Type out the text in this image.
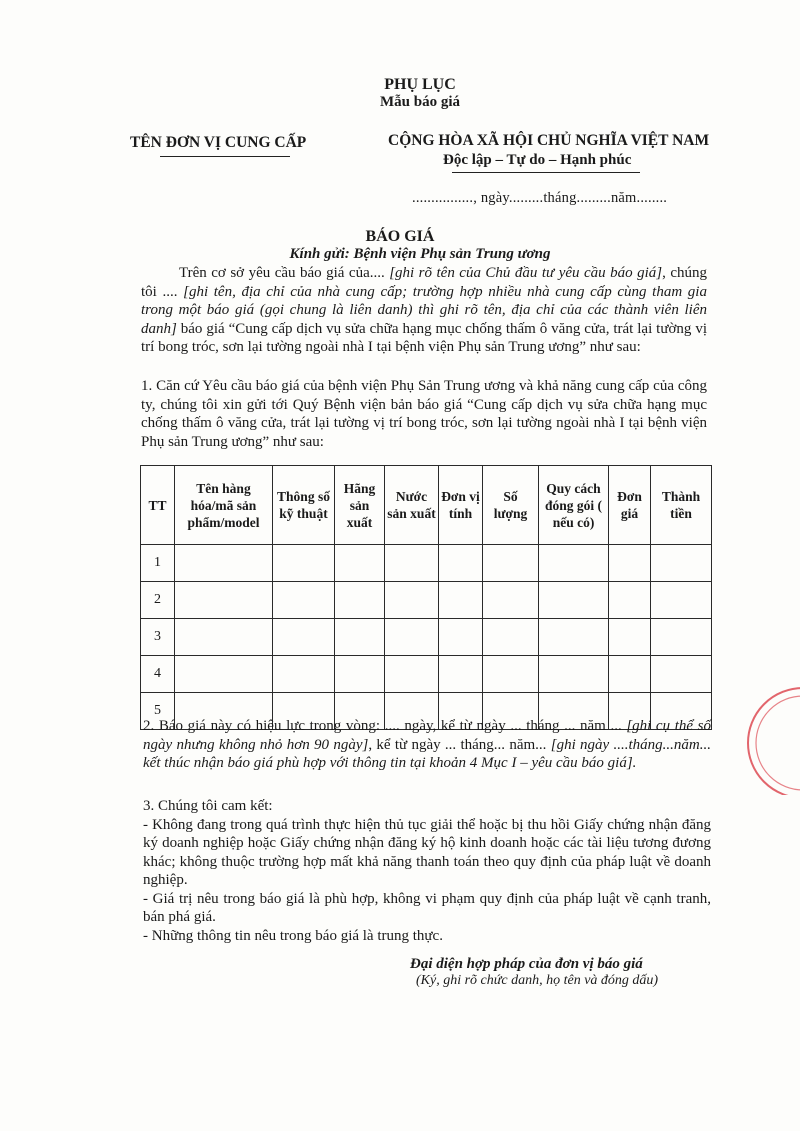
PHỤ LỤC
Mẫu báo giá
TÊN ĐƠN VỊ CUNG CẤP	CỘNG HÒA XÃ HỘI CHỦ NGHĨA VIỆT NAM
Độc lập – Tự do – Hạnh phúc
................, ngày.........tháng.........năm........
BÁO GIÁ
Kính gửi: Bệnh viện Phụ sản Trung ương
Trên cơ sở yêu cầu báo giá của.... [ghi rõ tên của Chủ đầu tư yêu cầu báo giá], chúng tôi .... [ghi tên, địa chỉ của nhà cung cấp; trường hợp nhiều nhà cung cấp cùng tham gia trong một báo giá (gọi chung là liên danh) thì ghi rõ tên, địa chỉ của các thành viên liên danh] báo giá “Cung cấp dịch vụ sửa chữa hạng mục chống thấm ô văng cửa, trát lại tường vị trí bong tróc, sơn lại tường ngoài nhà I tại bệnh viện Phụ sản Trung ương” như sau:
1. Căn cứ Yêu cầu báo giá của bệnh viện Phụ Sản Trung ương và khả năng cung cấp của công ty, chúng tôi xin gửi tới Quý Bệnh viện bản báo giá “Cung cấp dịch vụ sửa chữa hạng mục chống thấm ô văng cửa, trát lại tường vị trí bong tróc, sơn lại tường ngoài nhà I tại bệnh viện Phụ sản Trung ương” như sau:
TT	Tên hàng hóa/mã sản phẩm/model	Thông số kỹ thuật	Hãng sản xuất	Nước sản xuất	Đơn vị tính	Số lượng	Quy cách đóng gói ( nếu có)	Đơn giá	Thành tiền
1									
2									
3									
4									
5									
2. Báo giá này có hiệu lực trong vòng: .... ngày, kể từ ngày ... tháng ... năm ... [ghi cụ thể số ngày nhưng không nhỏ hơn 90 ngày], kể từ ngày ... tháng... năm... [ghi ngày ....tháng...năm... kết thúc nhận báo giá phù hợp với thông tin tại khoản 4 Mục I – yêu cầu báo giá].
3. Chúng tôi cam kết:
- Không đang trong quá trình thực hiện thủ tục giải thể hoặc bị thu hồi Giấy chứng nhận đăng ký doanh nghiệp hoặc Giấy chứng nhận đăng ký hộ kinh doanh hoặc các tài liệu tương đương khác; không thuộc trường hợp mất khả năng thanh toán theo quy định của pháp luật về doanh nghiệp.
- Giá trị nêu trong báo giá là phù hợp, không vi phạm quy định của pháp luật về cạnh tranh, bán phá giá.
- Những thông tin nêu trong báo giá là trung thực.
Đại diện hợp pháp của đơn vị báo giá
(Ký, ghi rõ chức danh, họ tên và đóng dấu)
